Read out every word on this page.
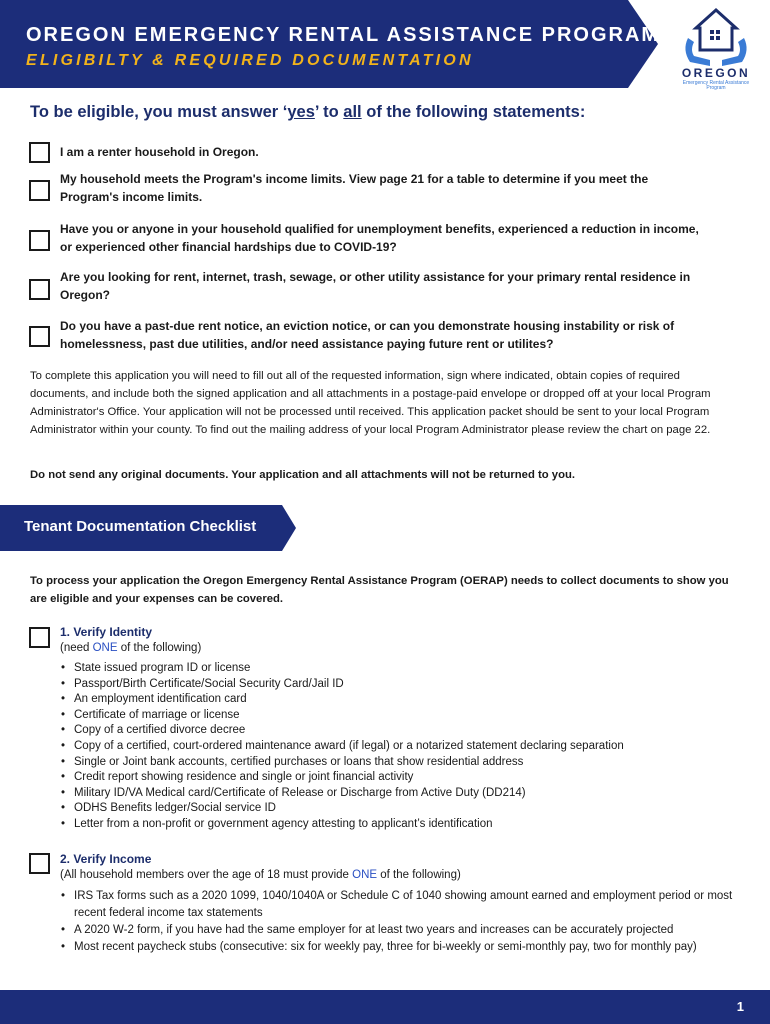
OREGON EMERGENCY RENTAL ASSISTANCE PROGRAM
ELIGIBILTY & REQUIRED DOCUMENTATION
OREGON
Emergency Rental Assistance Program
To be eligible, you must answer ‘yes’ to all of the following statements:
I am a renter household in Oregon.
My household meets the Program's income limits. View page 21 for a table to determine if you meet the Program's income limits.
Have you or anyone in your household qualified for unemployment benefits, experienced a reduction in income, or experienced other financial hardships due to COVID-19?
Are you looking for rent, internet, trash, sewage, or other utility assistance for your primary rental residence in Oregon?
Do you have a past-due rent notice, an eviction notice, or can you demonstrate housing instability or risk of homelessness, past due utilities, and/or need assistance paying future rent or utilites?
To complete this application you will need to fill out all of the requested information, sign where indicated, obtain copies of required documents, and include both the signed application and all attachments in a postage-paid envelope or dropped off at your local Program Administrator's Office. Your application will not be processed until received. This application packet should be sent to your local Program Administrator within your county. To find out the mailing address of your local Program Administrator please review the chart on page 22.
Do not send any original documents. Your application and all attachments will not be returned to you.
Tenant Documentation Checklist
To process your application the Oregon Emergency Rental Assistance Program (OERAP) needs to collect documents to show you are eligible and your expenses can be covered.
1. Verify Identity
(need ONE of the following)
• State issued program ID or license
• Passport/Birth Certificate/Social Security Card/Jail ID
• An employment identification card
• Certificate of marriage or license
• Copy of a certified divorce decree
• Copy of a certified, court-ordered maintenance award (if legal) or a notarized statement declaring separation
• Single or Joint bank accounts, certified purchases or loans that show residential address
• Credit report showing residence and single or joint financial activity
• Military ID/VA Medical card/Certificate of Release or Discharge from Active Duty (DD214)
• ODHS Benefits ledger/Social service ID
• Letter from a non-profit or government agency attesting to applicant’s identification
2. Verify Income
(All household members over the age of 18 must provide ONE of the following)
• IRS Tax forms such as a 2020 1099, 1040/1040A or Schedule C of 1040 showing amount earned and employment period or most recent federal income tax statements
• A 2020 W-2 form, if you have had the same employer for at least two years and increases can be accurately projected
• Most recent paycheck stubs (consecutive: six for weekly pay, three for bi-weekly or semi-monthly pay, two for monthly pay)
1
